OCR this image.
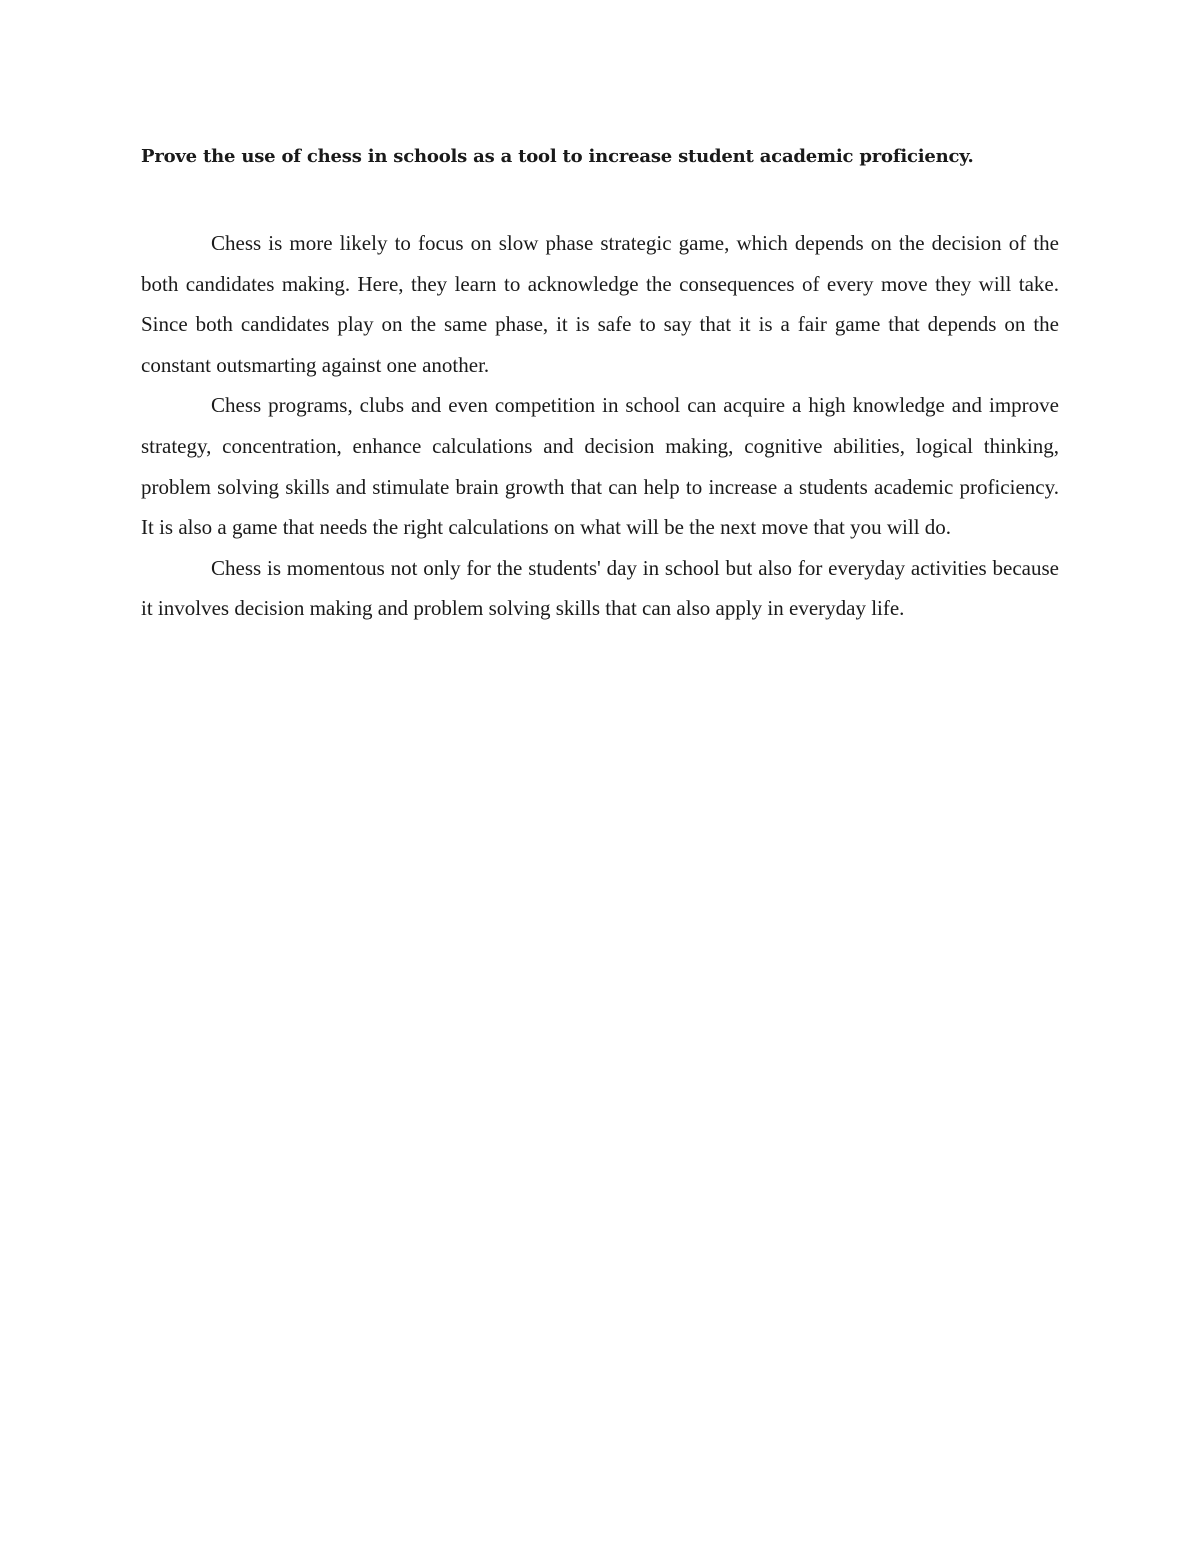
Prove the use of chess in schools as a tool to increase student academic proficiency.

Chess is more likely to focus on slow phase strategic game, which depends on the decision of the both candidates making. Here, they learn to acknowledge the consequences of every move they will take. Since both candidates play on the same phase, it is safe to say that it is a fair game that depends on the constant outsmarting against one another.

Chess programs, clubs and even competition in school can acquire a high knowledge and improve strategy, concentration, enhance calculations and decision making, cognitive abilities, logical thinking, problem solving skills and stimulate brain growth that can help to increase a students academic proficiency. It is also a game that needs the right calculations on what will be the next move that you will do.

Chess is momentous not only for the students' day in school but also for everyday activities because it involves decision making and problem solving skills that can also apply in everyday life.
